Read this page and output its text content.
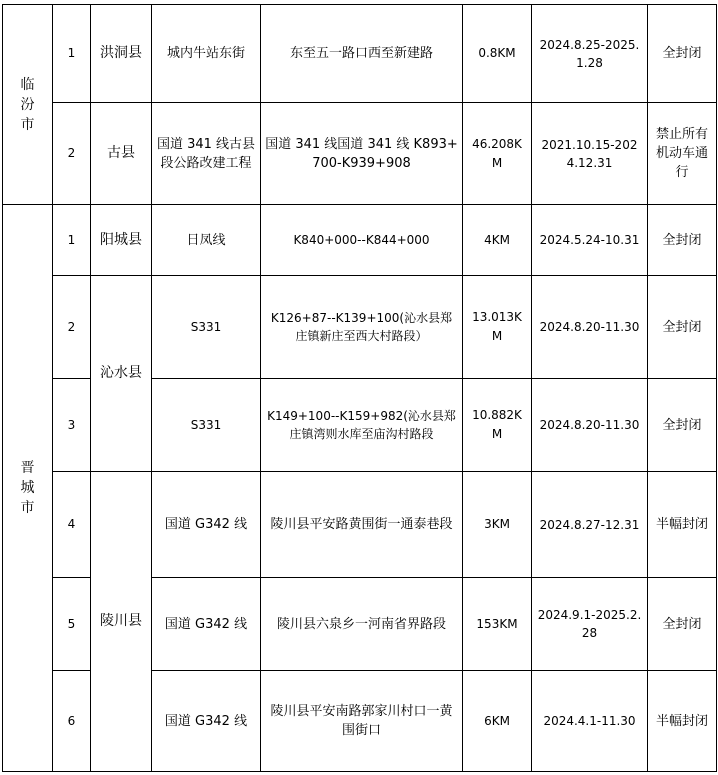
临汾市	1	洪洞县	城内牛站东街	东至五一路口西至新建路	0.8KM	2024.8.25-2025.1.28	全封闭
	2	古县	国道 341 线古县段公路改建工程	国道 341 线国道 341 线 K893+700-K939+908	46.208KM	2021.10.15-2024.12.31	禁止所有机动车通行
晋城市	1	阳城县	日凤线	K840+000--K844+000	4KM	2024.5.24-10.31	全封闭
	2	沁水县	S331	K126+87--K139+100(沁水县郑庄镇新庄至西大村路段）	13.013KM	2024.8.20-11.30	全封闭
	3		S331	K149+100--K159+982(沁水县郑庄镇湾则水库至庙沟村路段	10.882KM	2024.8.20-11.30	全封闭
	4	陵川县	国道 G342 线	陵川县平安路黄围街一通泰巷段	3KM	2024.8.27-12.31	半幅封闭
	5		国道 G342 线	陵川县六泉乡一河南省界路段	153KM	2024.9.1-2025.2.28	全封闭
	6		国道 G342 线	陵川县平安南路郭家川村口一黄围街口	6KM	2024.4.1-11.30	半幅封闭
